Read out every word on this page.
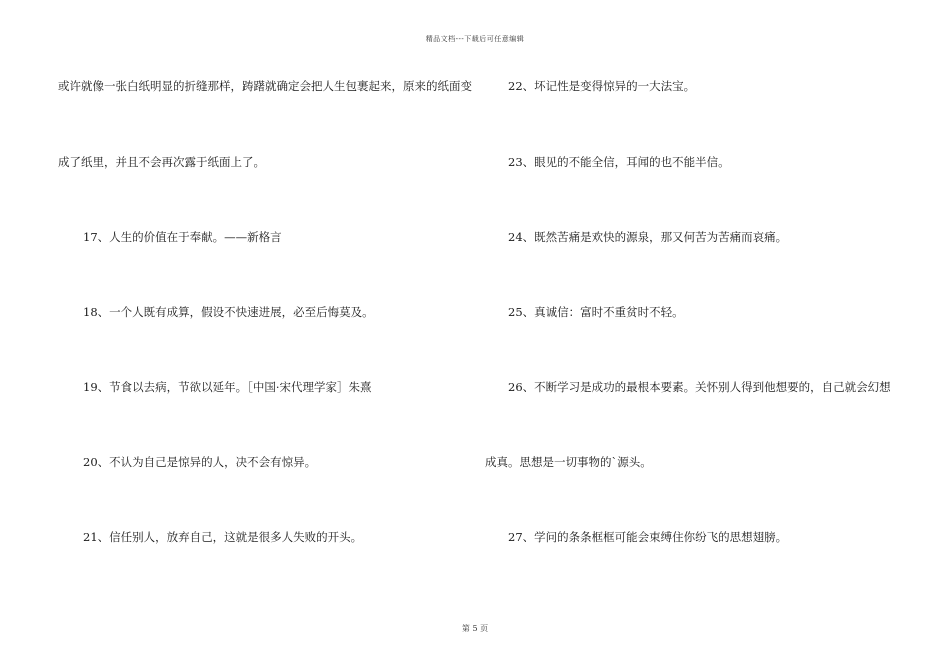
精品文档---下载后可任意编辑
或许就像一张白纸明显的折缝那样，踌躇就确定会把人生包裹起来，原来的纸面变
成了纸里，并且不会再次露于纸面上了。
17、人生的价值在于奉献。——新格言
18、一个人既有成算，假设不快速进展，必至后悔莫及。
19、节食以去病，节欲以延年。［中国·宋代理学家］朱熹
20、不认为自己是惊异的人，决不会有惊异。
21、信任别人，放弃自己，这就是很多人失败的开头。
22、坏记性是变得惊异的一大法宝。
23、眼见的不能全信，耳闻的也不能半信。
24、既然苦痛是欢快的源泉，那又何苦为苦痛而哀痛。
25、真诚信：富时不重贫时不轻。
26、不断学习是成功的最根本要素。关怀别人得到他想要的，自己就会幻想
成真。思想是一切事物的`源头。
27、学问的条条框框可能会束缚住你纷飞的思想翅膀。
第 5 页
